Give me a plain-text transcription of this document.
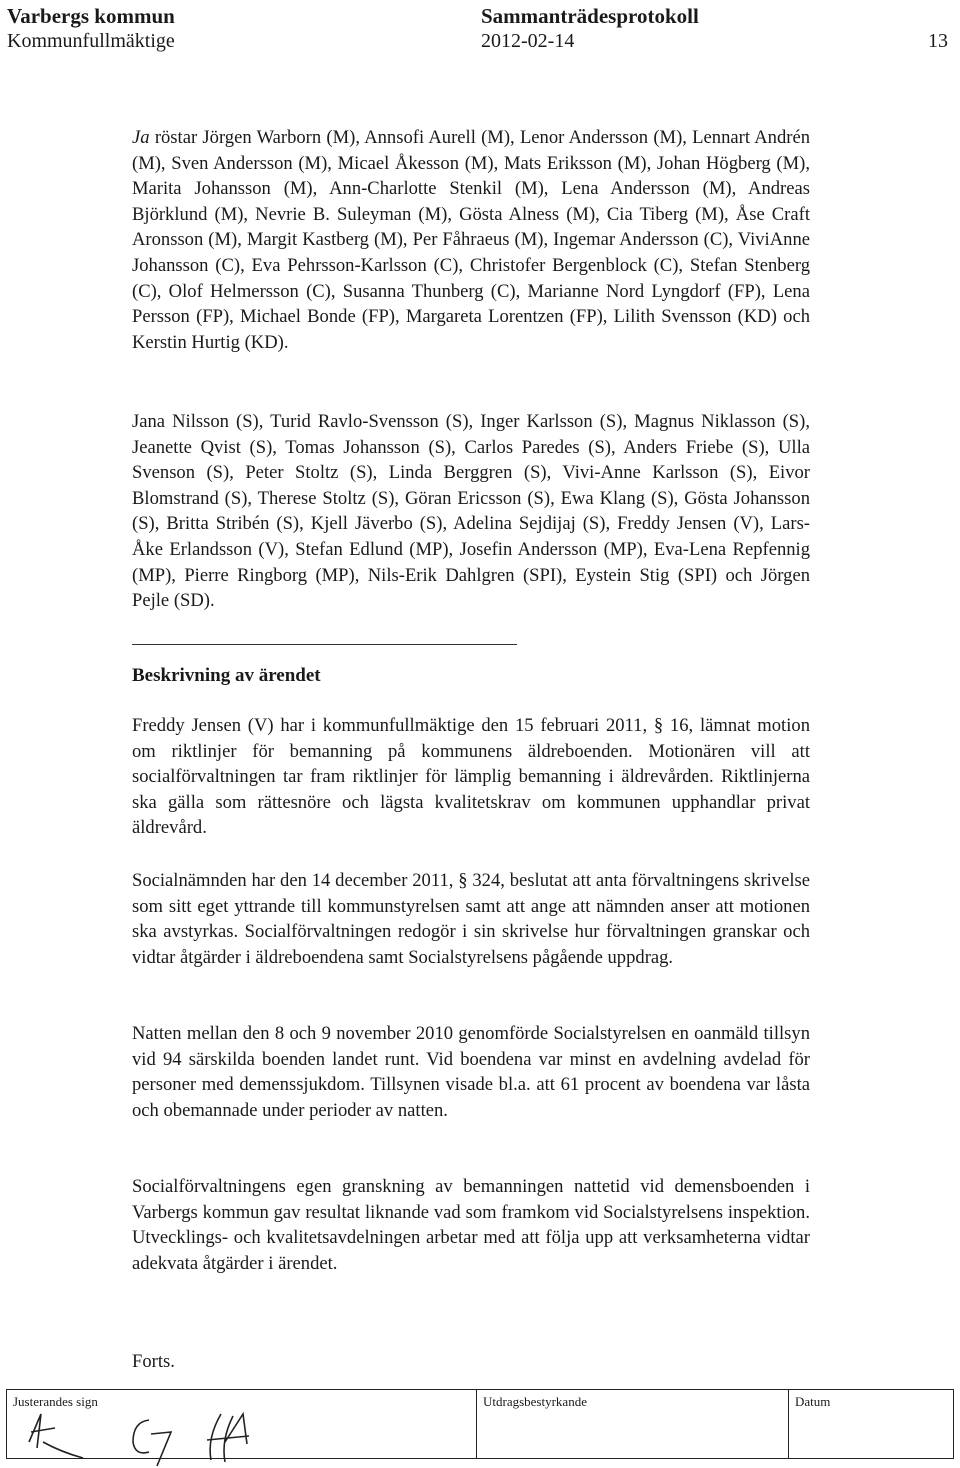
Varbergs kommun	Sammanträdesprotokoll
Kommunfullmäktige	2012-02-14	13

Ja röstar Jörgen Warborn (M), Annsofi Aurell (M), Lenor Andersson (M), Lennart Andrén (M), Sven Andersson (M), Micael Åkesson (M), Mats Eriksson (M), Johan Högberg (M), Marita Johansson (M), Ann-Charlotte Stenkil (M), Lena Andersson (M), Andreas Björklund (M), Nevrie B. Suleyman (M), Gösta Alness (M), Cia Tiberg (M), Åse Craft Aronsson (M), Margit Kastberg (M), Per Fåhraeus (M), Ingemar Andersson (C), ViviAnne Johansson (C), Eva Pehrsson-Karlsson (C), Christofer Bergenblock (C), Stefan Stenberg (C), Olof Helmersson (C), Susanna Thunberg (C), Marianne Nord Lyngdorf (FP), Lena Persson (FP), Michael Bonde (FP), Margareta Lorentzen (FP), Lilith Svensson (KD) och Kerstin Hurtig (KD).

Jana Nilsson (S), Turid Ravlo-Svensson (S), Inger Karlsson (S), Magnus Niklasson (S), Jeanette Qvist (S), Tomas Johansson (S), Carlos Paredes (S), Anders Friebe (S), Ulla Svenson (S), Peter Stoltz (S), Linda Berggren (S), Vivi-Anne Karlsson (S), Eivor Blomstrand (S), Therese Stoltz (S), Göran Ericsson (S), Ewa Klang (S), Gösta Johansson (S), Britta Stribén (S), Kjell Jäverbo (S), Adelina Sejdijaj (S), Freddy Jensen (V), Lars-Åke Erlandsson (V), Stefan Edlund (MP), Josefin Andersson (MP), Eva-Lena Repfennig (MP), Pierre Ringborg (MP), Nils-Erik Dahlgren (SPI), Eystein Stig (SPI) och Jörgen Pejle (SD).

Beskrivning av ärendet

Freddy Jensen (V) har i kommunfullmäktige den 15 februari 2011, § 16, lämnat motion om riktlinjer för bemanning på kommunens äldreboenden. Motionären vill att socialförvaltningen tar fram riktlinjer för lämplig bemanning i äldrevården. Riktlinjerna ska gälla som rättesnöre och lägsta kvalitetskrav om kommunen upphandlar privat äldrevård.

Socialnämnden har den 14 december 2011, § 324, beslutat att anta förvaltningens skrivelse som sitt eget yttrande till kommunstyrelsen samt att ange att nämnden anser att motionen ska avstyrkas. Socialförvaltningen redogör i sin skrivelse hur förvaltningen granskar och vidtar åtgärder i äldreboendena samt Socialstyrelsens pågående uppdrag.

Natten mellan den 8 och 9 november 2010 genomförde Socialstyrelsen en oanmäld tillsyn vid 94 särskilda boenden landet runt. Vid boendena var minst en avdelning avdelad för personer med demenssjukdom. Tillsynen visade bl.a. att 61 procent av boendena var låsta och obemannade under perioder av natten.

Socialförvaltningens egen granskning av bemanningen nattetid vid demensboenden i Varbergs kommun gav resultat liknande vad som framkom vid Socialstyrelsens inspektion. Utvecklings- och kvalitetsavdelningen arbetar med att följa upp att verksamheterna vidtar adekvata åtgärder i ärendet.

Forts.
Justerandes sign	Utdragsbestyrkande	Datum
